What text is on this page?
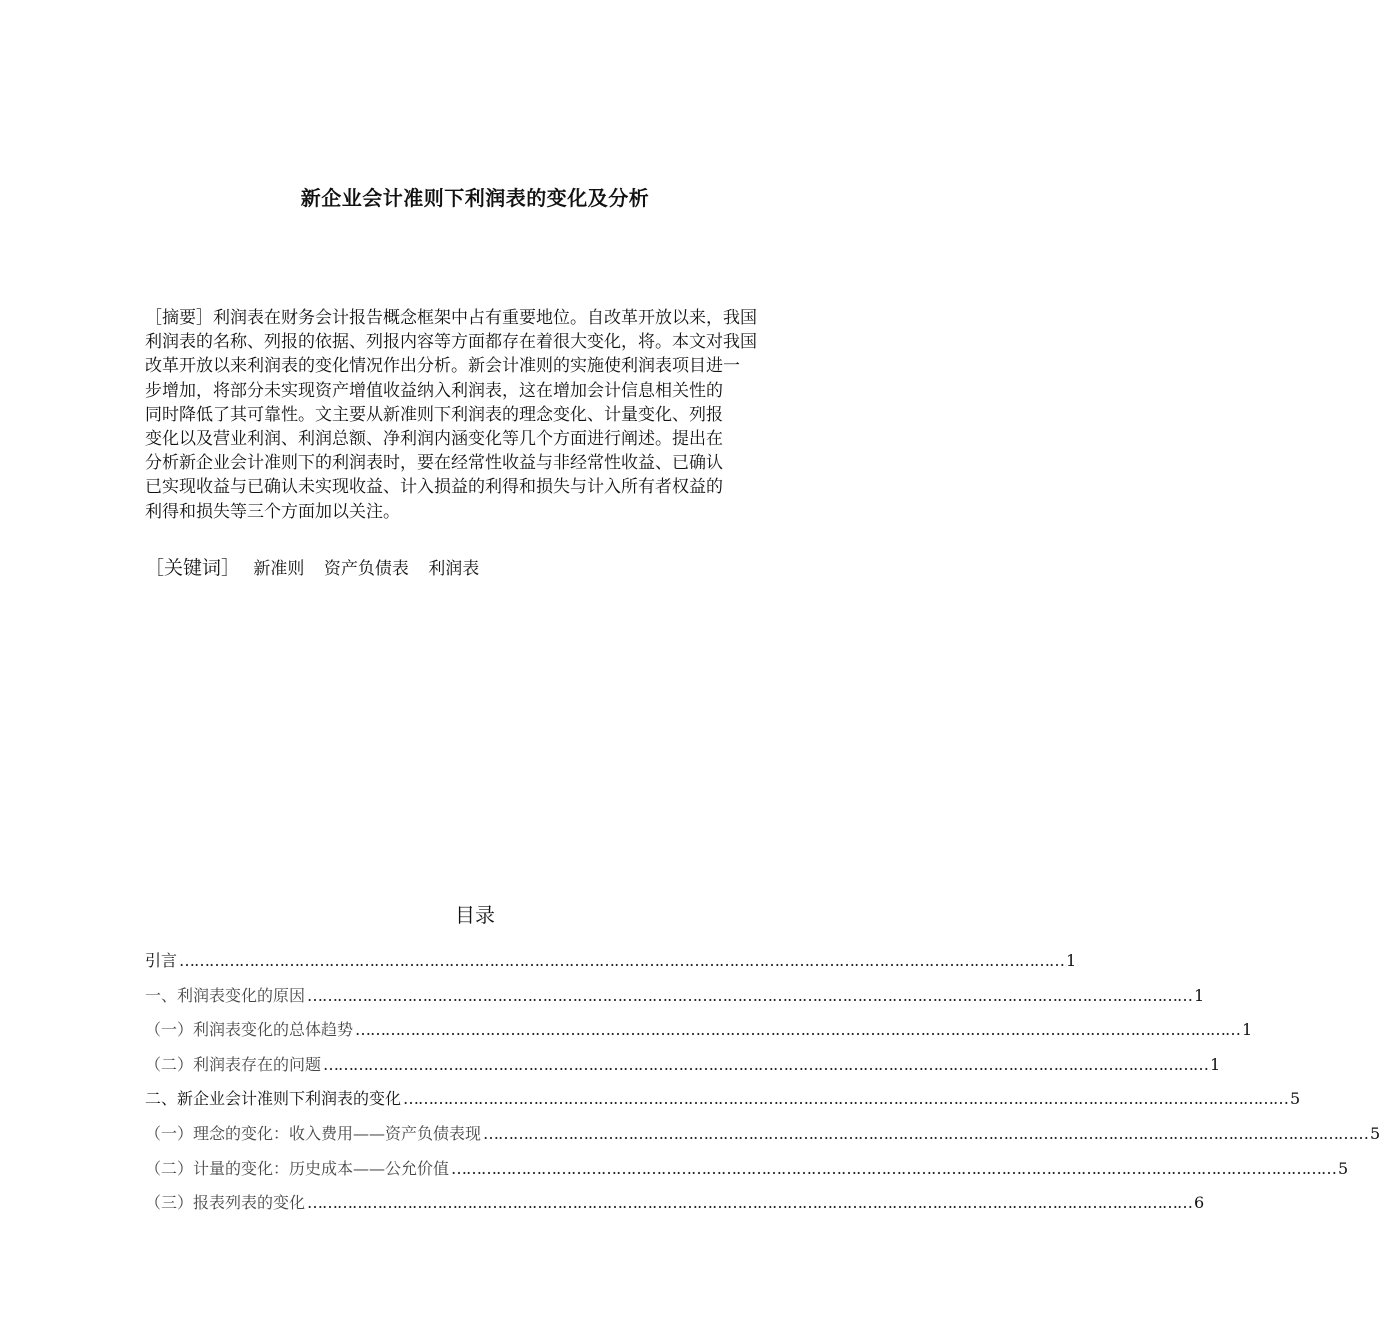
新企业会计准则下利润表的变化及分析
［摘要］利润表在财务会计报告概念框架中占有重要地位。自改革开放以来，我国
利润表的名称、列报的依据、列报内容等方面都存在着很大变化，将。本文对我国
改革开放以来利润表的变化情况作出分析。新会计准则的实施使利润表项目进一
步增加，将部分未实现资产增值收益纳入利润表，这在增加会计信息相关性的
同时降低了其可靠性。文主要从新准则下利润表的理念变化、计量变化、列报
变化以及营业利润、利润总额、净利润内涵变化等几个方面进行阐述。提出在
分析新企业会计准则下的利润表时，要在经常性收益与非经常性收益、已确认
已实现收益与已确认未实现收益、计入损益的利得和损失与计入所有者权益的
利得和损失等三个方面加以关注。
［关键词］ 新准则 资产负债表 利润表
目录
引言 …………………………………………………………………………………………………………………………………………………………… 1
一、利润表变化的原因 …………………………………………………………………………………………………………………………………………………………… 1
（一）利润表变化的总体趋势 …………………………………………………………………………………………………………………………………………………………… 1
（二）利润表存在的问题 …………………………………………………………………………………………………………………………………………………………… 1
二、新企业会计准则下利润表的变化 …………………………………………………………………………………………………………………………………………………………… 5
（一）理念的变化：收入费用——资产负债表现 …………………………………………………………………………………………………………………………………………………………… 5
（二）计量的变化：历史成本——公允价值 …………………………………………………………………………………………………………………………………………………………… 5
（三）报表列表的变化 …………………………………………………………………………………………………………………………………………………………… 6
